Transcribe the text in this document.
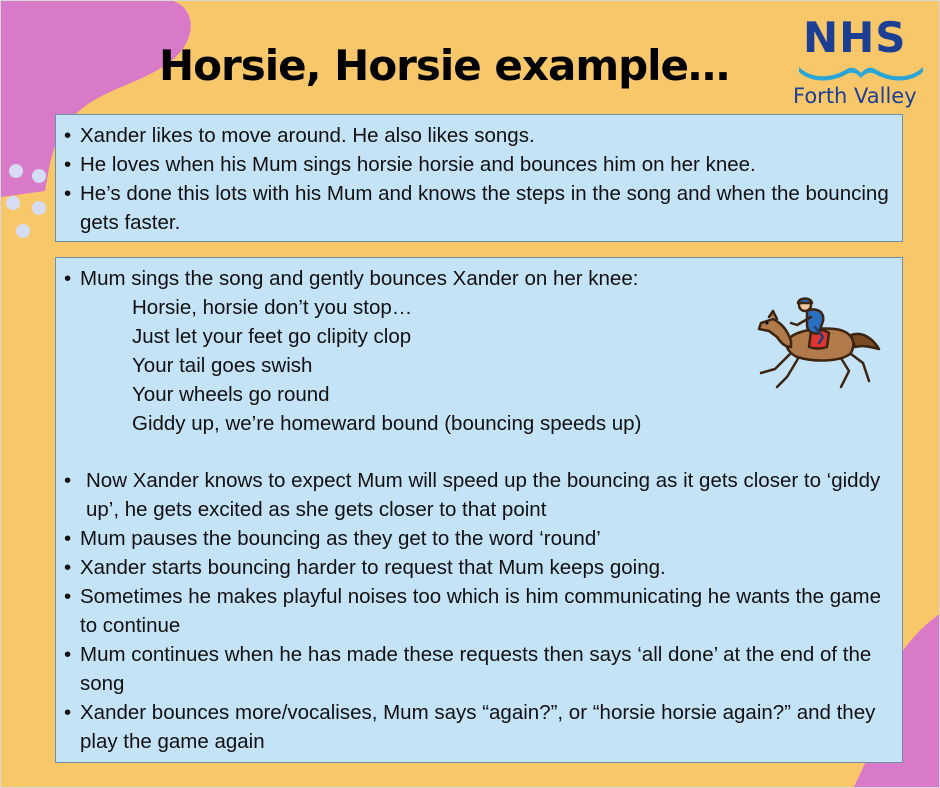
Horsie, Horsie example…
NHS
Forth Valley

• Xander likes to move around. He also likes songs.

• He loves when his Mum sings horsie horsie and bounces him on her knee.

• He’s done this lots with his Mum and knows the steps in the song and when the bouncing gets faster.

• Mum sings the song and gently bounces Xander on her knee:

Horsie, horsie don’t you stop…

Just let your feet go clipity clop

Your tail goes swish

Your wheels go round

Giddy up, we’re homeward bound (bouncing speeds up)

• Now Xander knows to expect Mum will speed up the bouncing as it gets closer to ‘giddy up’, he gets excited as she gets closer to that point

• Mum pauses the bouncing as they get to the word ‘round’

• Xander starts bouncing harder to request that Mum keeps going.

• Sometimes he makes playful noises too which is him communicating he wants the game to continue

• Mum continues when he has made these requests then says ‘all done’ at the end of the song

• Xander bounces more/vocalises, Mum says “again?”, or “horsie horsie again?” and they play the game again
